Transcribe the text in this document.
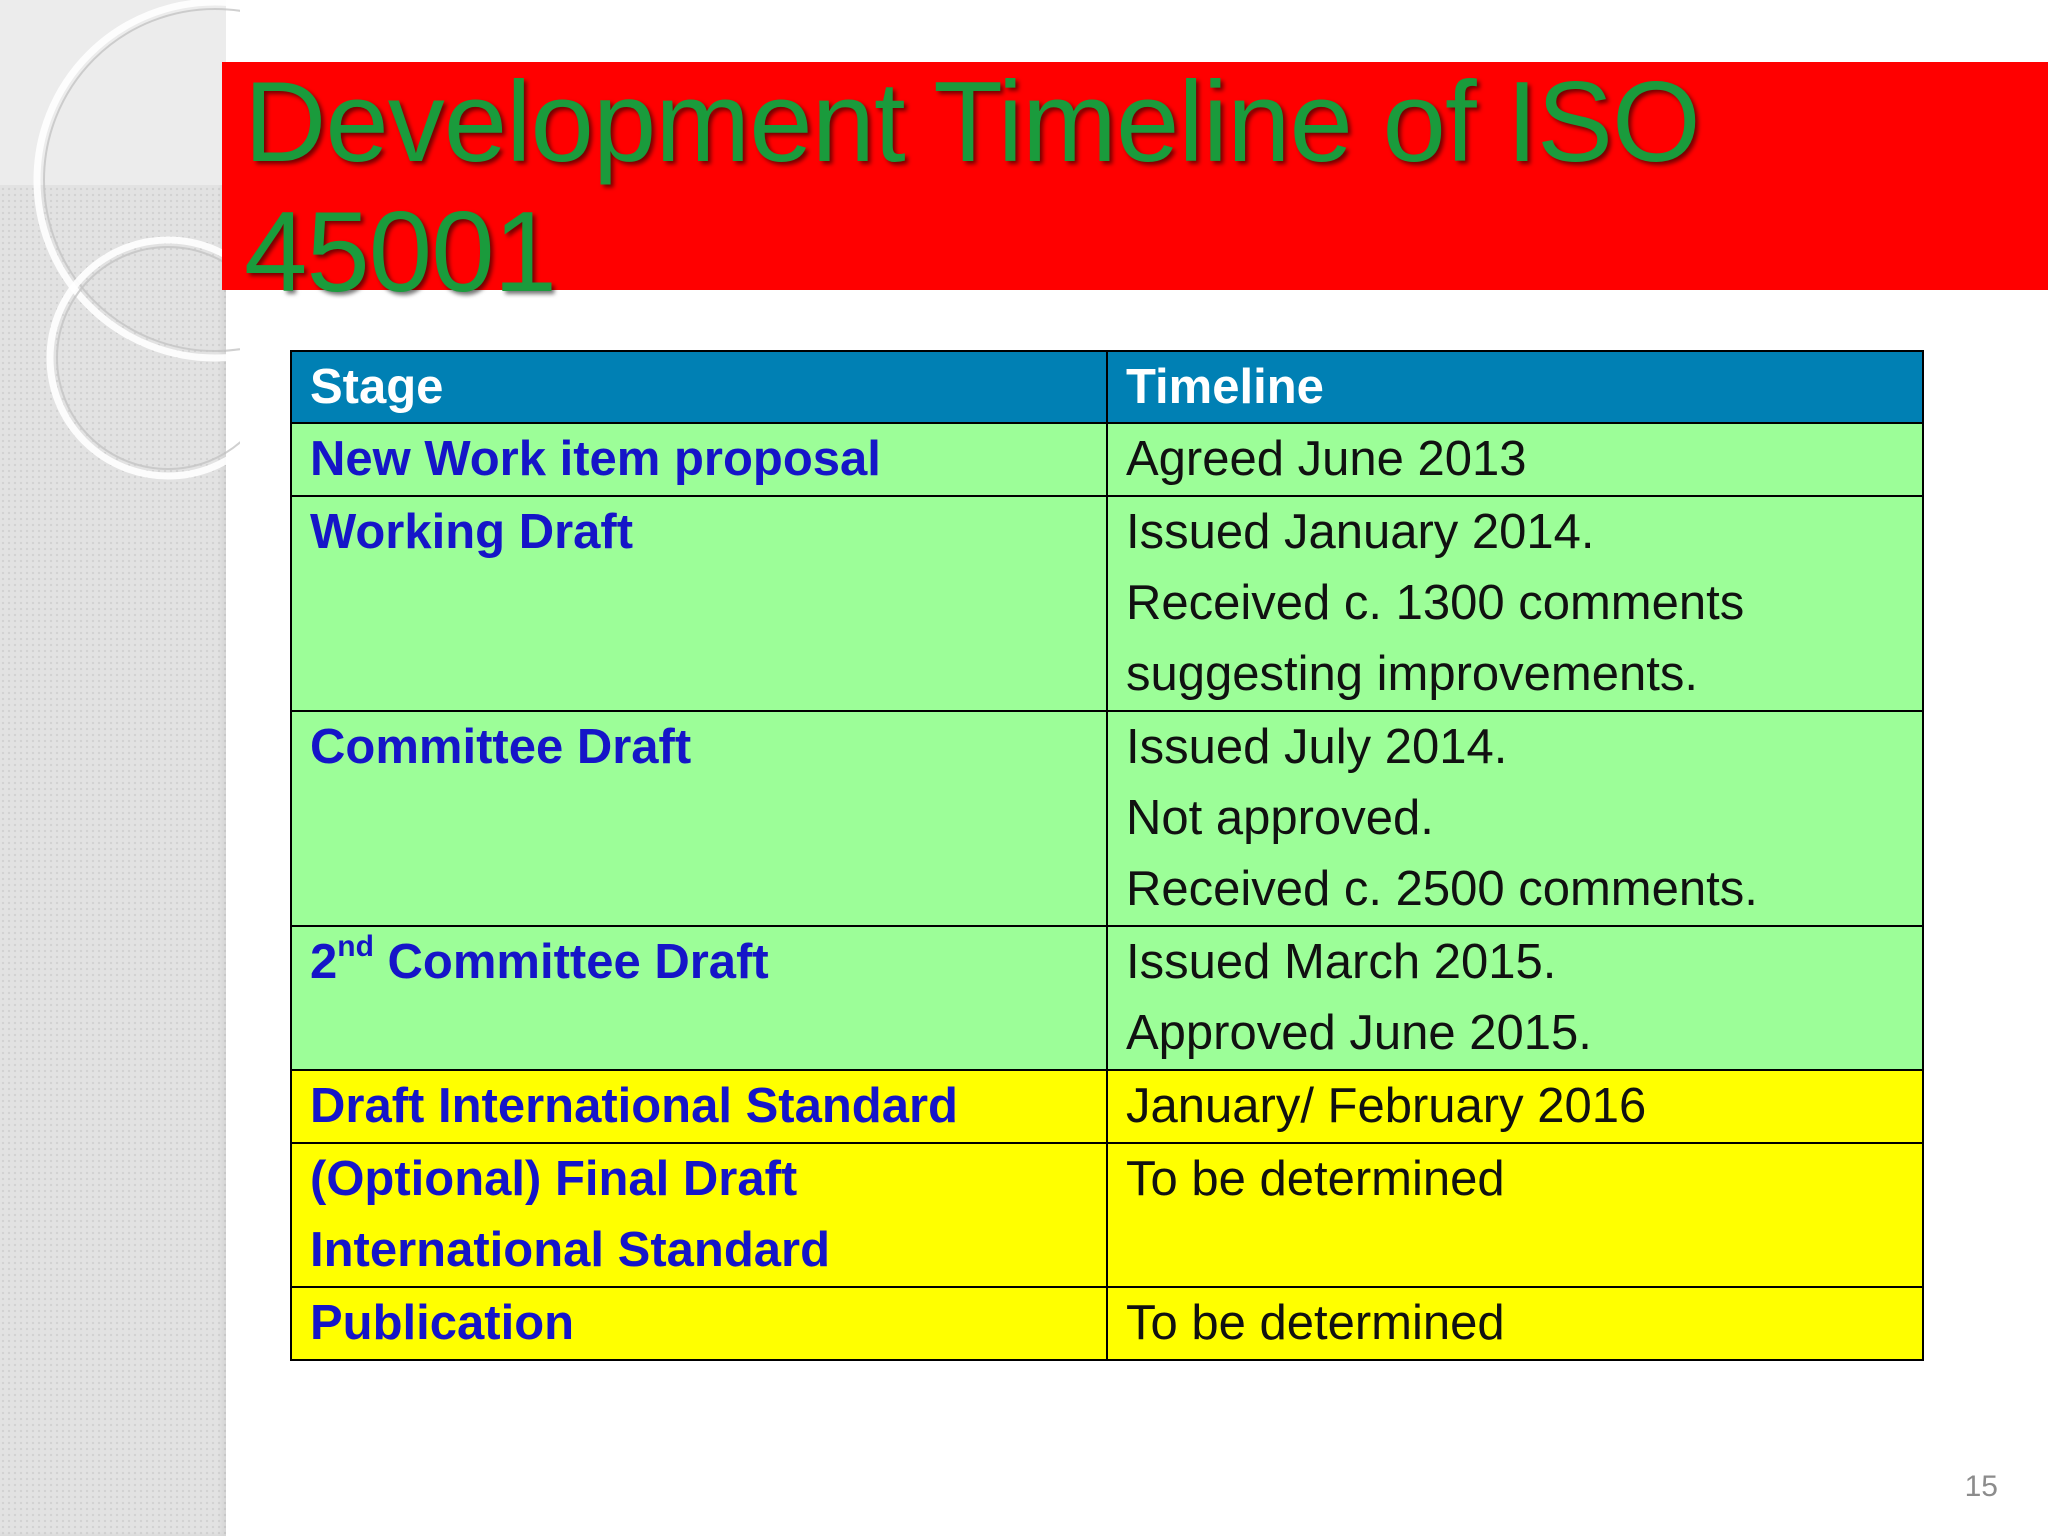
Development Timeline of ISO 45001
Stage	Timeline

New Work item proposal	Agreed June 2013

Working Draft	Issued January 2014.
Received c. 1300 comments
suggesting improvements.

Committee Draft	Issued July 2014.
Not approved.
Received c. 2500 comments.

2nd Committee Draft	Issued March 2015.
Approved June 2015.

Draft International Standard	January/ February 2016

(Optional) Final Draft
International Standard	To be determined

Publication	To be determined
15
